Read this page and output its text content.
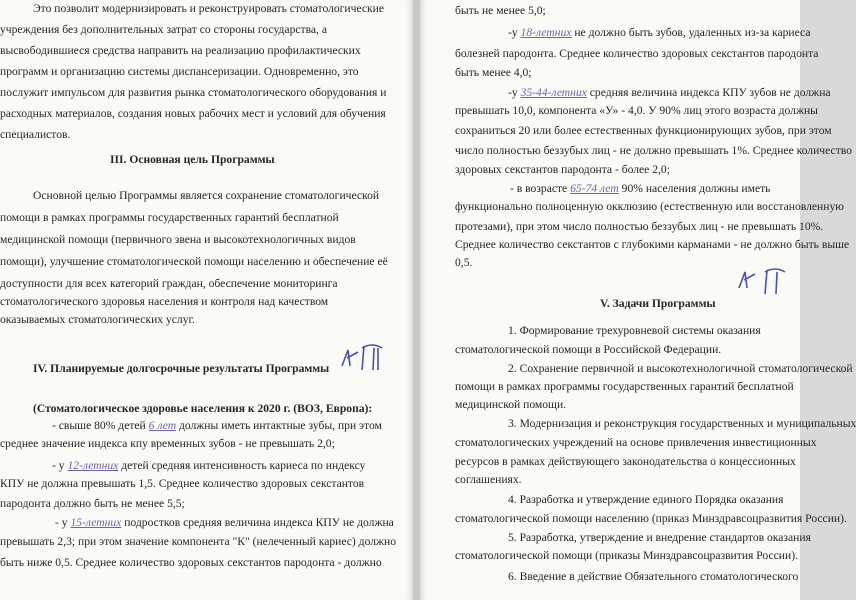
Это позволит модернизировать и реконструировать стоматологические
учреждения без дополнительных затрат со стороны государства, а
высвободившиеся средства направить на реализацию профилактических
программ и организацию системы диспансеризации. Одновременно, это
послужит импульсом для развития рынка стоматологического оборудования и
расходных материалов, создания новых рабочих мест и условий для обучения
специалистов.
III. Основная цель Программы
Основной целью Программы является сохранение стоматологической
помощи в рамках программы государственных гарантий бесплатной
медицинской помощи (первичного звена и высокотехнологичных видов
помощи), улучшение стоматологической помощи населению и обеспечение её
доступности для всех категорий граждан, обеспечение мониторинга
стоматологического здоровья населения и контроля над качеством
оказываемых стоматологических услуг.
IV. Планируемые долгосрочные результаты Программы
(Стоматологическое здоровье населения к 2020 г. (ВОЗ, Европа):
- свыше 80% детей 6 лет должны иметь интактные зубы, при этом
среднее значение индекса кпу временных зубов - не превышать 2,0;
- у 12-летних детей средняя интенсивность кариеса по индексу
КПУ не должна превышать 1,5. Среднее количество здоровых секстантов
пародонта должно быть не менее 5,5;
- у 15-летних подростков средняя величина индекса КПУ не должна
превышать 2,3; при этом значение компонента "К" (нелеченный кариес) должно
быть ниже 0,5. Среднее количество здоровых секстантов пародонта - должно
быть не менее 5,0;
-у 18-летних не должно быть зубов, удаленных из-за кариеса
болезней пародонта. Среднее количество здоровых секстантов пародонта
быть менее 4,0;
-у 35-44-летних средняя величина индекса КПУ зубов не должна
превышать 10,0, компонента «У» - 4,0. У 90% лиц этого возраста должны
сохраниться 20 или более естественных функционирующих зубов, при этом
число полностью беззубых лиц - не должно превышать 1%. Среднее количество
здоровых секстантов пародонта - более 2,0;
- в возрасте 65-74 лет 90% населения должны иметь
функционально полноценную окклюзию (естественную или восстановленную
протезами), при этом число полностью беззубых лиц - не превышать 10%.
Среднее количество секстантов с глубокими карманами - не должно быть выше
0,5.
V. Задачи Программы
1. Формирование трехуровневой системы оказания
стоматологической помощи в Российской Федерации.
2. Сохранение первичной и высокотехнологичной стоматологической
помощи в рамках программы государственных гарантий бесплатной
медицинской помощи.
3. Модернизация и реконструкция государственных и муниципальных
стоматологических учреждений на основе привлечения инвестиционных
ресурсов в рамках действующего законодательства о концессионных
соглашениях.
4. Разработка и утверждение единого Порядка оказания
стоматологической помощи населению (приказ Минздравсоцразвития России).
5. Разработка, утверждение и внедрение стандартов оказания
стоматологической помощи (приказы Минздравсоцразвития России).
6. Введение в действие Обязательного стоматологического
